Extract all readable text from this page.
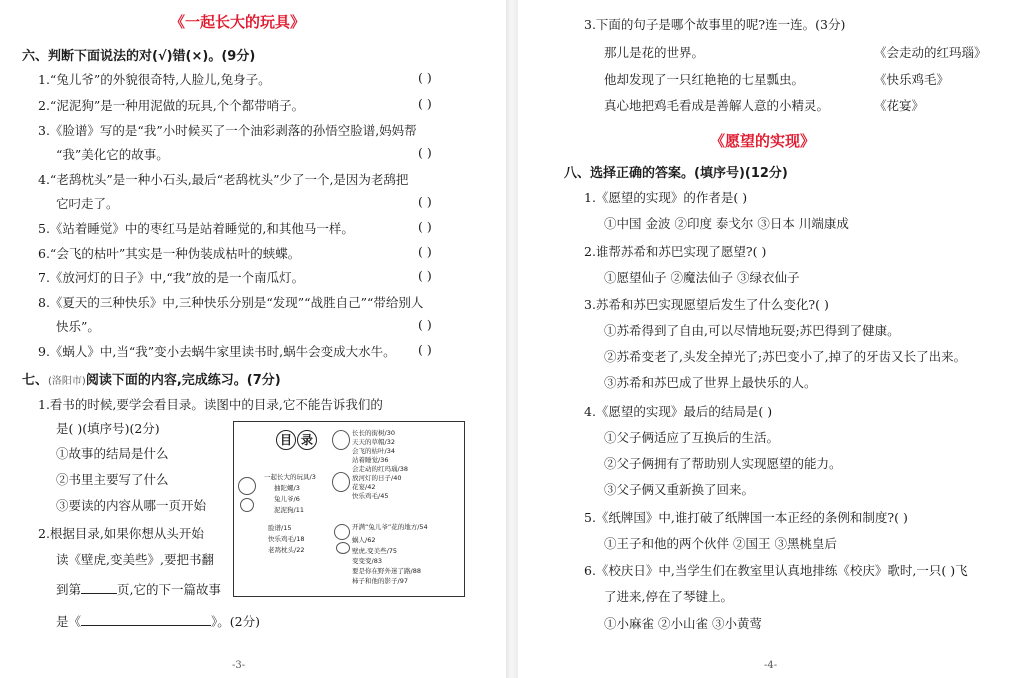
《一起长大的玩具》
六、判断下面说法的对(√)错(×)。(9分)
1.“兔儿爷”的外貌很奇特,人脸儿,兔身子。	( )
2.“泥泥狗”是一种用泥做的玩具,个个都带哨子。	( )
3.《脸谱》写的是“我”小时候买了一个油彩剥落的孙悟空脸谱,妈妈帮
“我”美化它的故事。	( )
4.“老鸹枕头”是一种小石头,最后“老鸹枕头”少了一个,是因为老鸹把
它叼走了。	( )
5.《站着睡觉》中的枣红马是站着睡觉的,和其他马一样。	( )
6.“会飞的枯叶”其实是一种伪装成枯叶的蛱蝶。	( )
7.《放河灯的日子》中,“我”放的是一个南瓜灯。	( )
8.《夏天的三种快乐》中,三种快乐分别是“发现”“战胜自己”“带给别人
快乐”。	( )
9.《蜗人》中,当“我”变小去蜗牛家里读书时,蜗牛会变成大水牛。 ( )
七、(洛阳市)阅读下面的内容,完成练习。(7分)
1.看书的时候,要学会看目录。读图中的目录,它不能告诉我们的
是( )(填序号)(2分)
①故事的结局是什么
②书里主要写了什么
③要读的内容从哪一页开始
2.根据目录,如果你想从头开始
读《壁虎,变美些》,要把书翻
到第	页,它的下一篇故事
是《	》。(2分)
目 录
一起长大的玩具/3
抽陀螺/3
兔儿爷/6
泥泥狗/11
脸谱/15
快乐鸡毛/18
老鸹枕头/22
长长的街树/30
天天的草帽/32
会飞的枯叶/34
站着睡觉/36
会走动的红玛瑙/38
放河灯的日子/40
花宴/42
快乐鸡毛/45
开满“兔儿爷”花的地方/54
蜗人/62
壁虎,变美些/75
变变变/83
要是你在野外迷了路/88
柿子和他的影子/97
-3-
3.下面的句子是哪个故事里的呢?连一连。(3分)
那儿是花的世界。
他却发现了一只红艳艳的七星瓢虫。
真心地把鸡毛看成是善解人意的小精灵。
《会走动的红玛瑙》
《快乐鸡毛》
《花宴》
《愿望的实现》
八、选择正确的答案。(填序号)(12分)
1.《愿望的实现》的作者是( )
①中国 金波 ②印度 泰戈尔 ③日本 川端康成
2.谁帮苏希和苏巴实现了愿望?( )
①愿望仙子 ②魔法仙子 ③绿衣仙子
3.苏希和苏巴实现愿望后发生了什么变化?( )
①苏希得到了自由,可以尽情地玩耍;苏巴得到了健康。
②苏希变老了,头发全掉光了;苏巴变小了,掉了的牙齿又长了出来。
③苏希和苏巴成了世界上最快乐的人。
4.《愿望的实现》最后的结局是( )
①父子俩适应了互换后的生活。
②父子俩拥有了帮助别人实现愿望的能力。
③父子俩又重新换了回来。
5.《纸牌国》中,谁打破了纸牌国一本正经的条例和制度?( )
①王子和他的两个伙伴 ②国王 ③黑桃皇后
6.《校庆日》中,当学生们在教室里认真地排练《校庆》歌时,一只( )飞
了进来,停在了琴键上。
①小麻雀 ②小山雀 ③小黄莺
-4-
